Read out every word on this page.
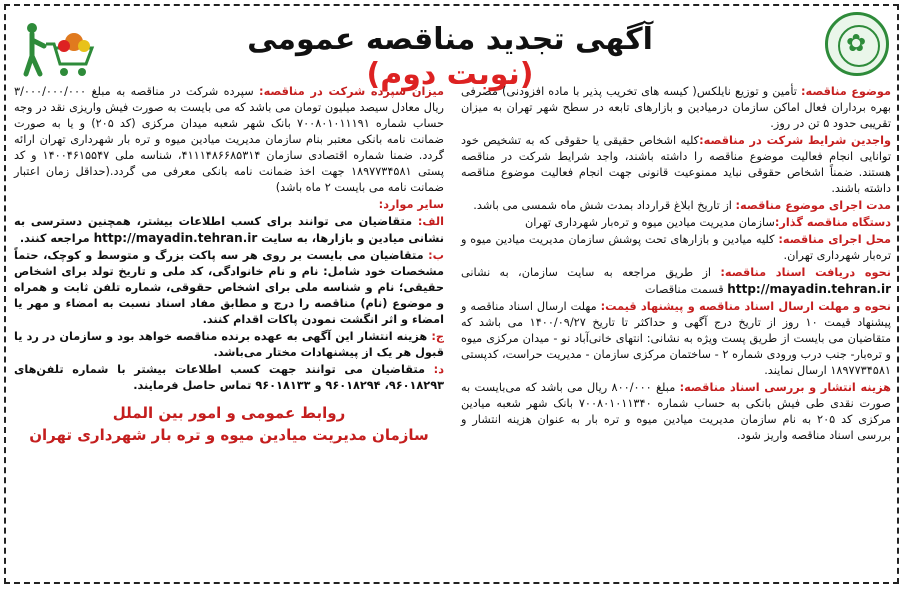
آگهی تجدید مناقصه عمومی (نوبت دوم)
✿	موضوع مناقصه: تأمین و توزیع نایلکس( کیسه های تخریب پذیر با ماده افزودنی) مصرفی بهره برداران فعال اماکن سازمان درمیادین و بازارهای تابعه در سطح شهر تهران به میزان تقریبی حدود ۵ تن در روز.

واجدین شرایط شرکت در مناقصه:کلیه اشخاص حقیقی یا حقوقی که به تشخیص خود توانایی انجام فعالیت موضوع مناقصه را داشته باشند، واجد شرایط شرکت در مناقصه هستند. ضمناً اشخاص حقوقی نباید ممنوعیت قانونی جهت انجام فعالیت موضوع مناقصه داشته باشند.

مدت اجرای موضوع مناقصه: از تاریخ ابلاغ قرارداد بمدت شش ماه شمسی می باشد.

دستگاه مناقصه گذار:سازمان مدیریت میادین میوه و تره‌بار شهرداری تهران

محل اجرای مناقصه: کلیه میادین و بازارهای تحت پوشش سازمان مدیریت میادین میوه و تره‌بار شهرداری تهران.

نحوه دریافت اسناد مناقصه: از طریق مراجعه به سایت سازمان، به نشانی http://mayadin.tehran.ir قسمت مناقصات

نحوه و مهلت ارسال اسناد مناقصه و پیشنهاد قیمت: مهلت ارسال اسناد مناقصه و پیشنهاد قیمت ۱۰ روز از تاریخ درج آگهی و حداکثر تا تاریخ ۱۴۰۰/۰۹/۲۷ می باشد که متقاضیان می بایست از طریق پست ویژه به نشانی: انتهای خانی‌آباد نو - میدان مرکزی میوه و تره‌بار- جنب درب ورودی شماره ۲ - ساختمان مرکزی سازمان - مدیریت حراست، کدپستی ۱۸۹۷۷۳۴۵۸۱ ارسال نمایند.

هزینه انتشار و بررسی اسناد مناقصه: مبلغ ۸۰۰/۰۰۰ ریال می باشد که می‌بایست به صورت نقدی طی فیش بانکی به حساب شماره ۷۰۰۸۰۱۰۱۱۳۴۰ بانک شهر شعبه میادین مرکزی کد ۲۰۵ به نام سازمان مدیریت میادین میوه و تره بار به عنوان هزینه انتشار و بررسی اسناد مناقصه واریز شود.

میزان سپرده شرکت در مناقصه: سپرده شرکت در مناقصه به مبلغ ۳/۰۰۰/۰۰۰/۰۰۰ ریال معادل سیصد میلیون تومان می باشد که می بایست به صورت فیش واریزی نقد در وجه حساب شماره ۷۰۰۸۰۱۰۱۱۱۹۱ بانک شهر شعبه میدان مرکزی (کد ۲۰۵) و یا به صورت ضمانت نامه بانکی معتبر بنام سازمان مدیریت میادین میوه و تره بار شهرداری تهران ارائه گردد. ضمنا شماره اقتصادی سازمان ۴۱۱۱۴۸۶۶۸۵۳۱۴، شناسه ملی ۱۴۰۰۴۶۱۵۵۴۷ و کد پستی ۱۸۹۷۷۳۴۵۸۱ جهت اخذ ضمانت نامه بانکی معرفی می گردد.(حداقل زمان اعتبار ضمانت نامه می بایست ۲ ماه باشد)

سایر موارد:

الف: متقاضیان می توانند برای کسب اطلاعات بیشتر، همچنین دسترسی به نشانی میادین و بازارها، به سایت http://mayadin.tehran.ir مراجعه کنند.

ب: متقاضیان می بایست بر روی هر سه پاکت بزرگ و متوسط و کوچک، حتماً مشخصات خود شامل: نام و نام خانوادگی، کد ملی و تاریخ تولد برای اشخاص حقیقی؛ نام و شناسه ملی برای اشخاص حقوقی، شماره تلفن ثابت و همراه و موضوع (نام) مناقصه را درج و مطابق مفاد اسناد نسبت به امضاء و مهر یا امضاء و اثر انگشت نمودن پاکات اقدام کنند.

ج: هزینه انتشار این آگهی به عهده برنده مناقصه خواهد بود و سازمان در رد یا قبول هر یک از پیشنهادات مختار می‌باشد.

د: متقاضیان می توانند جهت کسب اطلاعات بیشتر با شماره تلفن‌های ۹۶۰۱۸۲۹۳، ۹۶۰۱۸۲۹۴ و ۹۶۰۱۸۱۳۳ تماس حاصل فرمایند.

روابط عمومی و امور بین الملل
سازمان مدیریت میادین میوه و تره بار شهرداری تهران
